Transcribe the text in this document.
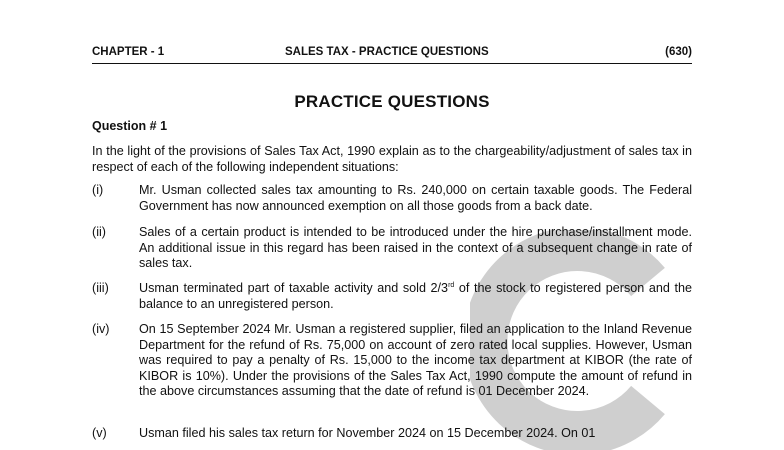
CHAPTER - 1	SALES TAX - PRACTICE QUESTIONS	(630)
PRACTICE QUESTIONS
Question # 1
In the light of the provisions of Sales Tax Act, 1990 explain as to the chargeability/adjustment of sales tax in respect of each of the following independent situations:
(i)	Mr. Usman collected sales tax amounting to Rs. 240,000 on certain taxable goods. The Federal Government has now announced exemption on all those goods from a back date.
(ii)	Sales of a certain product is intended to be introduced under the hire purchase/installment mode. An additional issue in this regard has been raised in the context of a subsequent change in rate of sales tax.
(iii)	Usman terminated part of taxable activity and sold 2/3rd of the stock to registered person and the balance to an unregistered person.
(iv)	On 15 September 2024 Mr. Usman a registered supplier, filed an application to the Inland Revenue Department for the refund of Rs. 75,000 on account of zero rated local supplies. However, Usman was required to pay a penalty of Rs. 15,000 to the income tax department at KIBOR (the rate of KIBOR is 10%). Under the provisions of the Sales Tax Act, 1990 compute the amount of refund in the above circumstances assuming that the date of refund is 01 December 2024.
(v)	Usman filed his sales tax return for November 2024 on 15 December 2024. On 01
